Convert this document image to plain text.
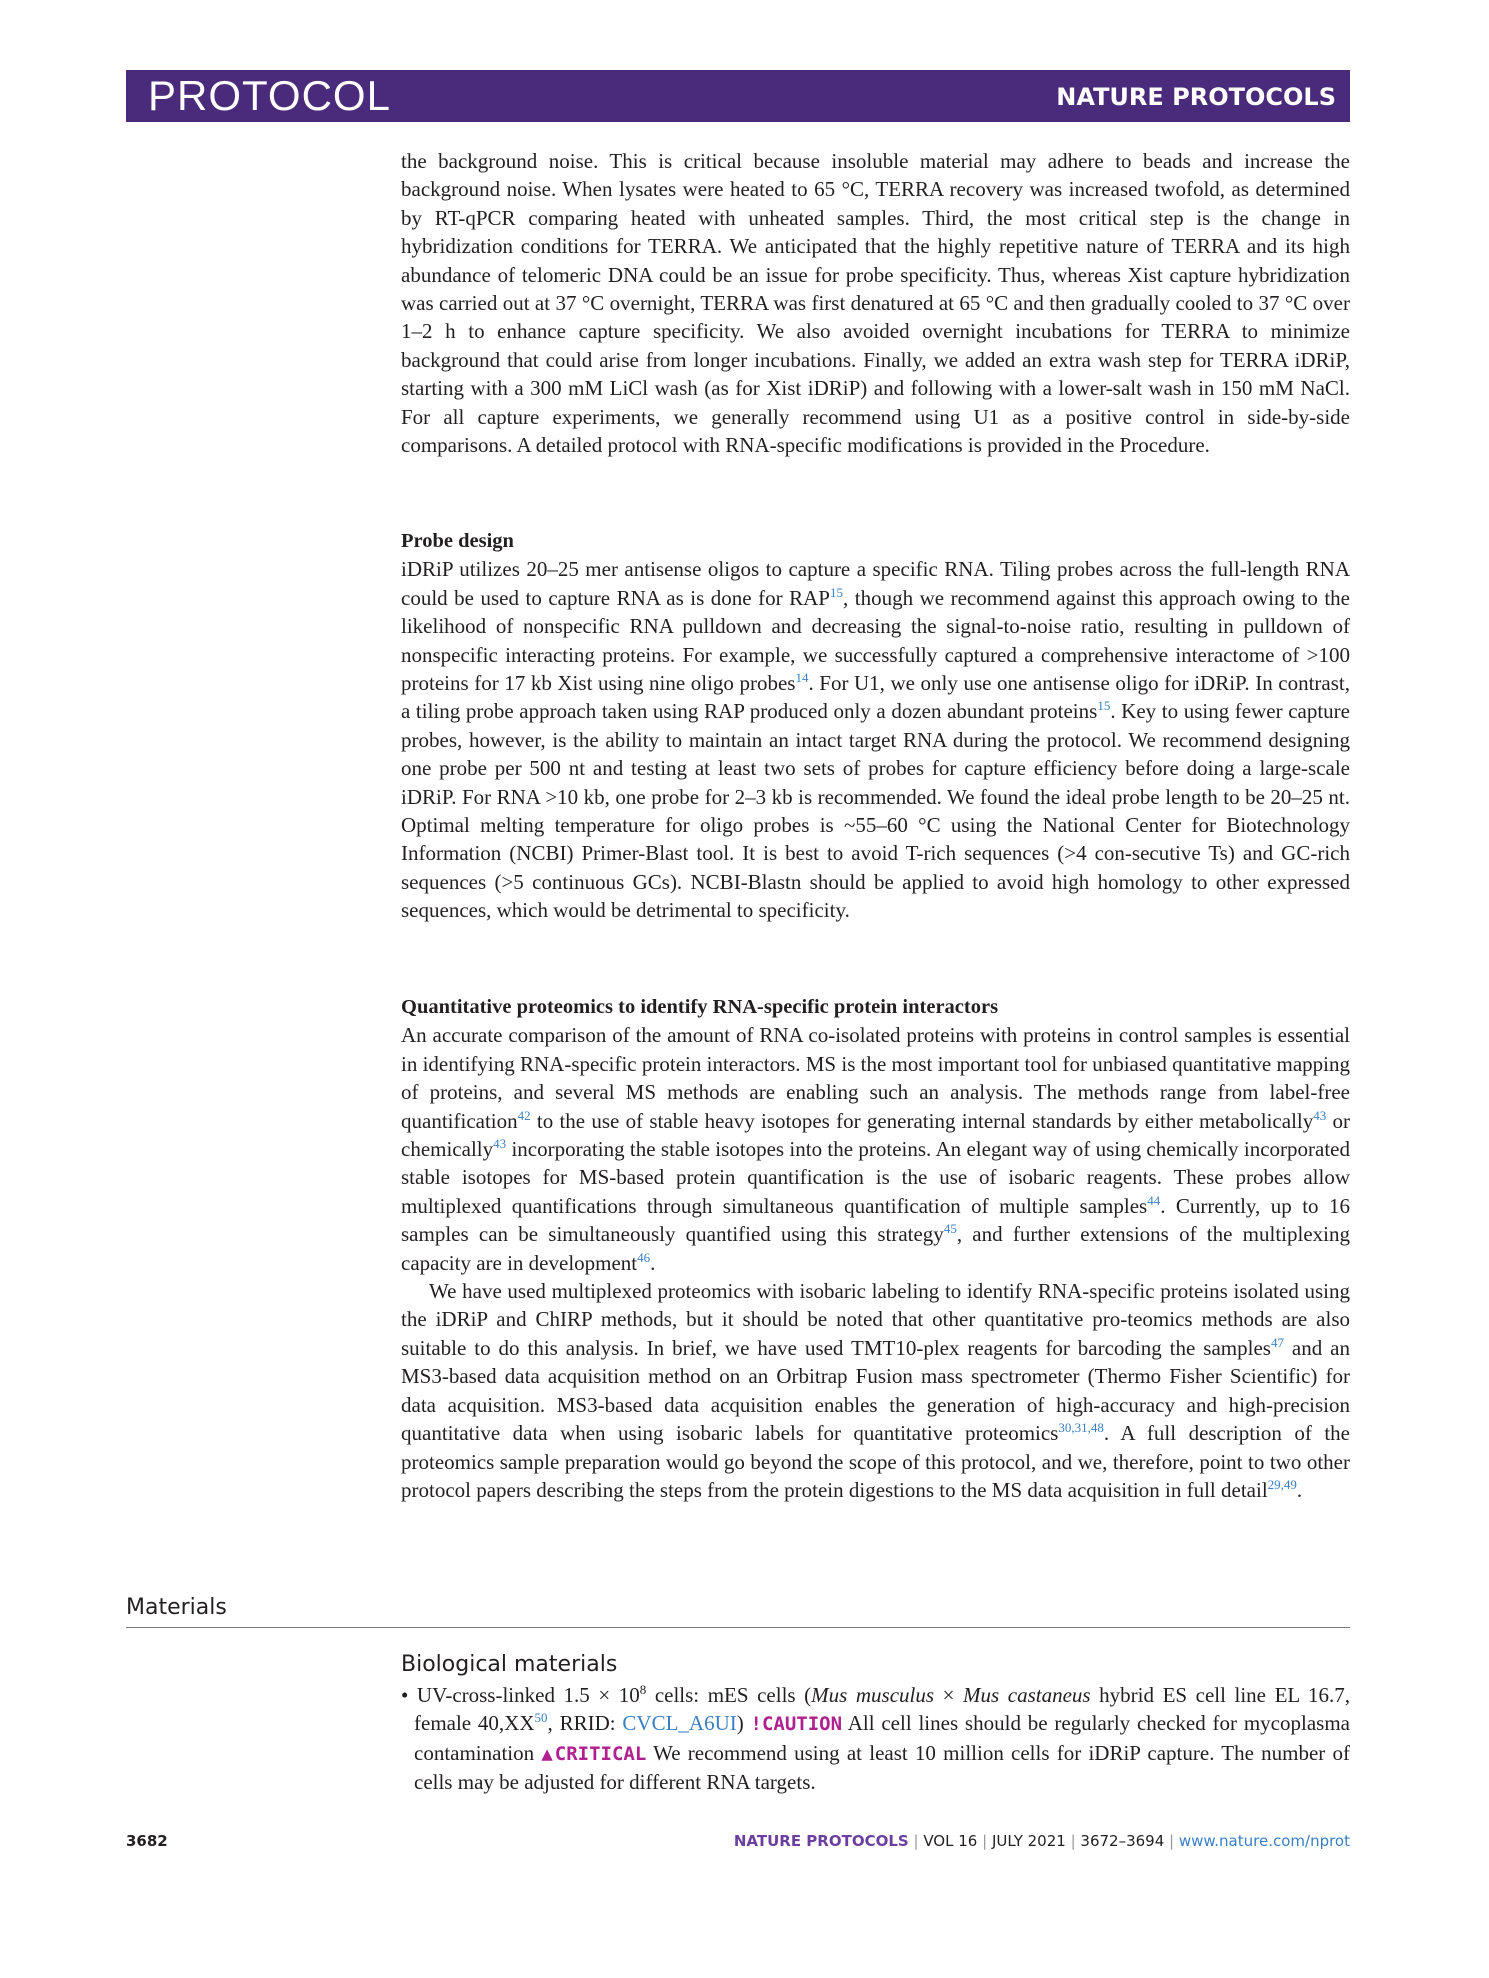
PROTOCOL	NATURE PROTOCOLS

the background noise. This is critical because insoluble material may adhere to beads and increase the background noise. When lysates were heated to 65 °C, TERRA recovery was increased twofold, as determined by RT-qPCR comparing heated with unheated samples. Third, the most critical step is the change in hybridization conditions for TERRA. We anticipated that the highly repetitive nature of TERRA and its high abundance of telomeric DNA could be an issue for probe specificity. Thus, whereas Xist capture hybridization was carried out at 37 °C overnight, TERRA was first denatured at 65 °C and then gradually cooled to 37 °C over 1–2 h to enhance capture specificity. We also avoided overnight incubations for TERRA to minimize background that could arise from longer incubations. Finally, we added an extra wash step for TERRA iDRiP, starting with a 300 mM LiCl wash (as for Xist iDRiP) and following with a lower-salt wash in 150 mM NaCl. For all capture experiments, we generally recommend using U1 as a positive control in side-by-side comparisons. A detailed protocol with RNA-specific modifications is provided in the Procedure.

Probe design

iDRiP utilizes 20–25 mer antisense oligos to capture a specific RNA. Tiling probes across the full-length RNA could be used to capture RNA as is done for RAP$^{15}$, though we recommend against this approach owing to the likelihood of nonspecific RNA pulldown and decreasing the signal-to-noise ratio, resulting in pulldown of nonspecific interacting proteins. For example, we successfully captured a comprehensive interactome of >100 proteins for 17 kb Xist using nine oligo probes$^{14}$. For U1, we only use one antisense oligo for iDRiP. In contrast, a tiling probe approach taken using RAP produced only a dozen abundant proteins$^{15}$. Key to using fewer capture probes, however, is the ability to maintain an intact target RNA during the protocol. We recommend designing one probe per 500 nt and testing at least two sets of probes for capture efficiency before doing a large-scale iDRiP. For RNA >10 kb, one probe for 2–3 kb is recommended. We found the ideal probe length to be 20–25 nt. Optimal melting temperature for oligo probes is ~55–60 °C using the National Center for Biotechnology Information (NCBI) Primer-Blast tool. It is best to avoid T-rich sequences (>4 con-secutive Ts) and GC-rich sequences (>5 continuous GCs). NCBI-Blastn should be applied to avoid high homology to other expressed sequences, which would be detrimental to specificity.

Quantitative proteomics to identify RNA-specific protein interactors

An accurate comparison of the amount of RNA co-isolated proteins with proteins in control samples is essential in identifying RNA-specific protein interactors. MS is the most important tool for unbiased quantitative mapping of proteins, and several MS methods are enabling such an analysis. The methods range from label-free quantification$^{42}$ to the use of stable heavy isotopes for generating internal standards by either metabolically$^{43}$ or chemically$^{43}$ incorporating the stable isotopes into the proteins. An elegant way of using chemically incorporated stable isotopes for MS-based protein quantification is the use of isobaric reagents. These probes allow multiplexed quantifications through simultaneous quantification of multiple samples$^{44}$. Currently, up to 16 samples can be simultaneously quantified using this strategy$^{45}$, and further extensions of the multiplexing capacity are in development$^{46}$.

We have used multiplexed proteomics with isobaric labeling to identify RNA-specific proteins isolated using the iDRiP and ChIRP methods, but it should be noted that other quantitative pro-teomics methods are also suitable to do this analysis. In brief, we have used TMT10-plex reagents for barcoding the samples$^{47}$ and an MS3-based data acquisition method on an Orbitrap Fusion mass spectrometer (Thermo Fisher Scientific) for data acquisition. MS3-based data acquisition enables the generation of high-accuracy and high-precision quantitative data when using isobaric labels for quantitative proteomics$^{30,31,48}$. A full description of the proteomics sample preparation would go beyond the scope of this protocol, and we, therefore, point to two other protocol papers describing the steps from the protein digestions to the MS data acquisition in full detail$^{29,49}$.

Materials
Biological materials

• UV-cross-linked $1.5 \times 10^8$ cells: mES cells (Mus musculus × Mus castaneus hybrid ES cell line EL 16.7, female 40,XX$^{50}$, RRID: CVCL_A6UI) !CAUTION All cell lines should be regularly checked for mycoplasma contamination ▲CRITICAL We recommend using at least 10 million cells for iDRiP capture. The number of cells may be adjusted for different RNA targets.

3682	NATURE PROTOCOLS | VOL 16 | JULY 2021 | 3672–3694 | www.nature.com/nprot
